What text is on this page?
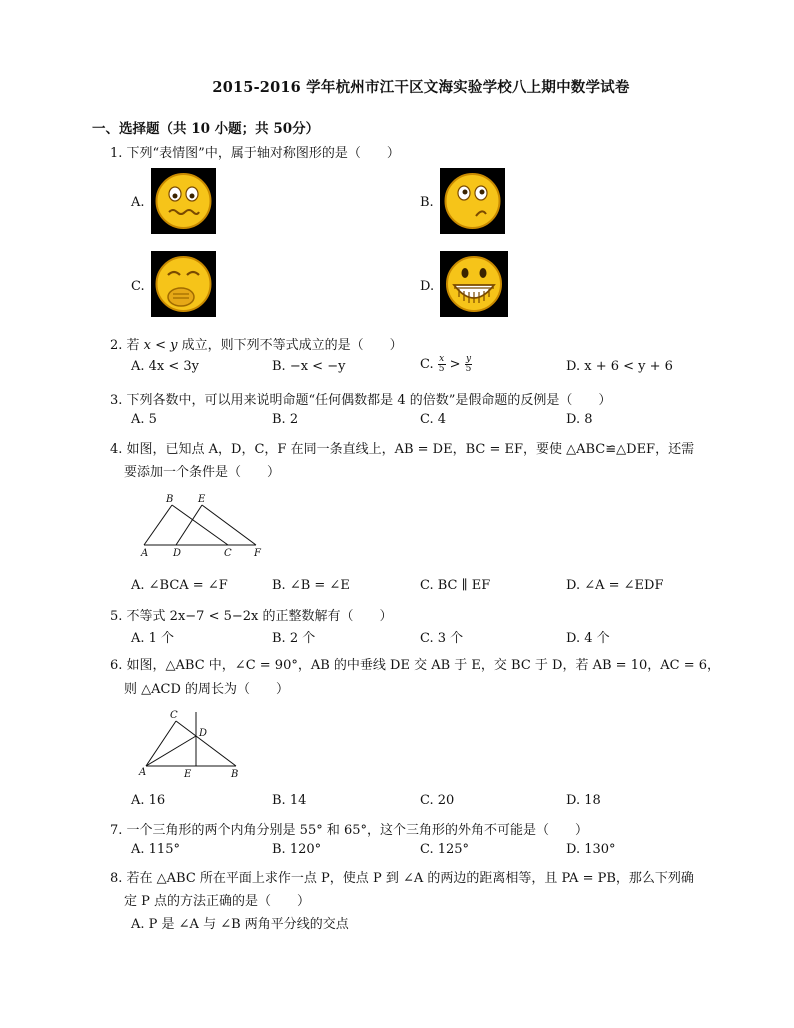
2015-2016 学年杭州市江干区文海实验学校八上期中数学试卷
一、选择题（共 10 小题；共 50分）
1. 下列“表情图”中，属于轴对称图形的是（　　）
A.	B.
C.	D.
2. 若 x < y 成立，则下列不等式成立的是（　　）
A. 4x < 3y	B. −x < −y	C. $\frac{x}{5} > \frac{y}{5}$	D. x + 6 < y + 6
3. 下列各数中，可以用来说明命题“任何偶数都是 4 的倍数”是假命题的反例是（　　）
A. 5	B. 2	C. 4	D. 8
4. 如图，已知点 A，D，C，F 在同一条直线上，AB = DE，BC = EF，要使 △ABC≌△DEF，还需
要添加一个条件是（　　）
B E
A D	C F
A. ∠BCA = ∠F	B. ∠B = ∠E	C. BC ∥ EF	D. ∠A = ∠EDF
5. 不等式 2x−7 < 5−2x 的正整数解有（　　）
A. 1 个	B. 2 个	C. 3 个	D. 4 个
6. 如图，△ABC 中，∠C = 90°，AB 的中垂线 DE 交 AB 于 E，交 BC 于 D，若 AB = 10，AC = 6，
则 △ACD 的周长为（　　）
C
D
A	E	B
A. 16	B. 14	C. 20	D. 18
7. 一个三角形的两个内角分别是 55° 和 65°，这个三角形的外角不可能是（　　）
A. 115°	B. 120°	C. 125°	D. 130°
8. 若在 △ABC 所在平面上求作一点 P，使点 P 到 ∠A 的两边的距离相等，且 PA = PB，那么下列确
定 P 点的方法正确的是（　　）
A. P 是 ∠A 与 ∠B 两角平分线的交点
